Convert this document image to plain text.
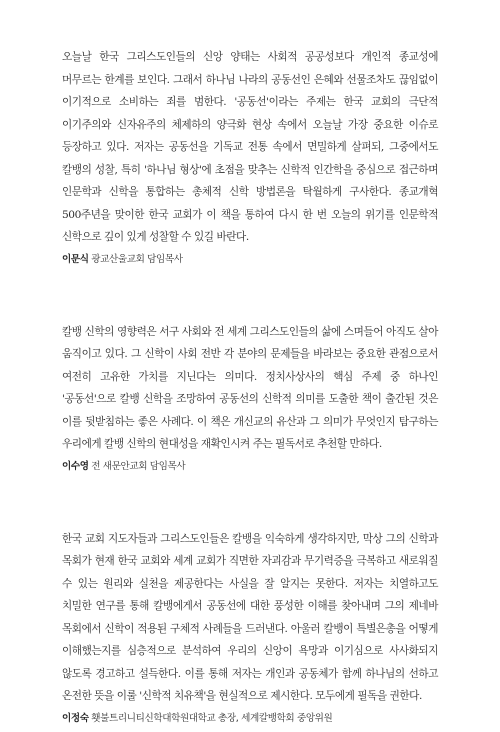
오늘날 한국 그리스도인들의 신앙 양태는 사회적 공공성보다 개인적 종교성에 머무르는 한계를 보인다. 그래서 하나님 나라의 공동선인 은혜와 선물조차도 끊임없이 이기적으로 소비하는 죄를 범한다. '공동선'이라는 주제는 한국 교회의 극단적 이기주의와 신자유주의 체제하의 양극화 현상 속에서 오늘날 가장 중요한 이슈로 등장하고 있다. 저자는 공동선을 기독교 전통 속에서 면밀하게 살펴되, 그중에서도 칼뱅의 성찰, 특히 '하나님 형상'에 초점을 맞추는 신학적 인간학을 중심으로 접근하며 인문학과 신학을 통합하는 총체적 신학 방법론을 탁월하게 구사한다. 종교개혁 500주년을 맞이한 한국 교회가 이 책을 통하여 다시 한 번 오늘의 위기를 인문학적 신학으로 깊이 있게 성찰할 수 있길 바란다.

이문식 광교산울교회 담임목사

칼뱅 신학의 영향력은 서구 사회와 전 세계 그리스도인들의 삶에 스며들어 아직도 살아 움직이고 있다. 그 신학이 사회 전반 각 분야의 문제들을 바라보는 중요한 관점으로서 여전히 고유한 가치를 지닌다는 의미다. 정치사상사의 핵심 주제 중 하나인 '공동선'으로 칼뱅 신학을 조망하여 공동선의 신학적 의미를 도출한 책이 출간된 것은 이를 뒷받침하는 좋은 사례다. 이 책은 개신교의 유산과 그 의미가 무엇인지 탐구하는 우리에게 칼뱅 신학의 현대성을 재확인시켜 주는 필독서로 추천할 만하다.

이수영 전 새문안교회 담임목사

한국 교회 지도자들과 그리스도인들은 칼뱅을 익숙하게 생각하지만, 막상 그의 신학과 목회가 현재 한국 교회와 세계 교회가 직면한 자괴감과 무기력증을 극복하고 새로워질 수 있는 원리와 실천을 제공한다는 사실을 잘 알지는 못한다. 저자는 치열하고도 치밀한 연구를 통해 칼뱅에게서 공동선에 대한 풍성한 이해를 찾아내며 그의 제네바 목회에서 신학이 적용된 구체적 사례들을 드러낸다. 아울러 칼뱅이 특별은총을 어떻게 이해했는지를 심층적으로 분석하여 우리의 신앙이 욕망과 이기심으로 사사화되지 않도록 경고하고 설득한다. 이를 통해 저자는 개인과 공동체가 함께 하나님의 선하고 온전한 뜻을 이룰 '신학적 치유책'을 현실적으로 제시한다. 모두에게 필독을 권한다.

이정숙 횃불트리니티신학대학원대학교 총장, 세계칼뱅학회 중앙위원
